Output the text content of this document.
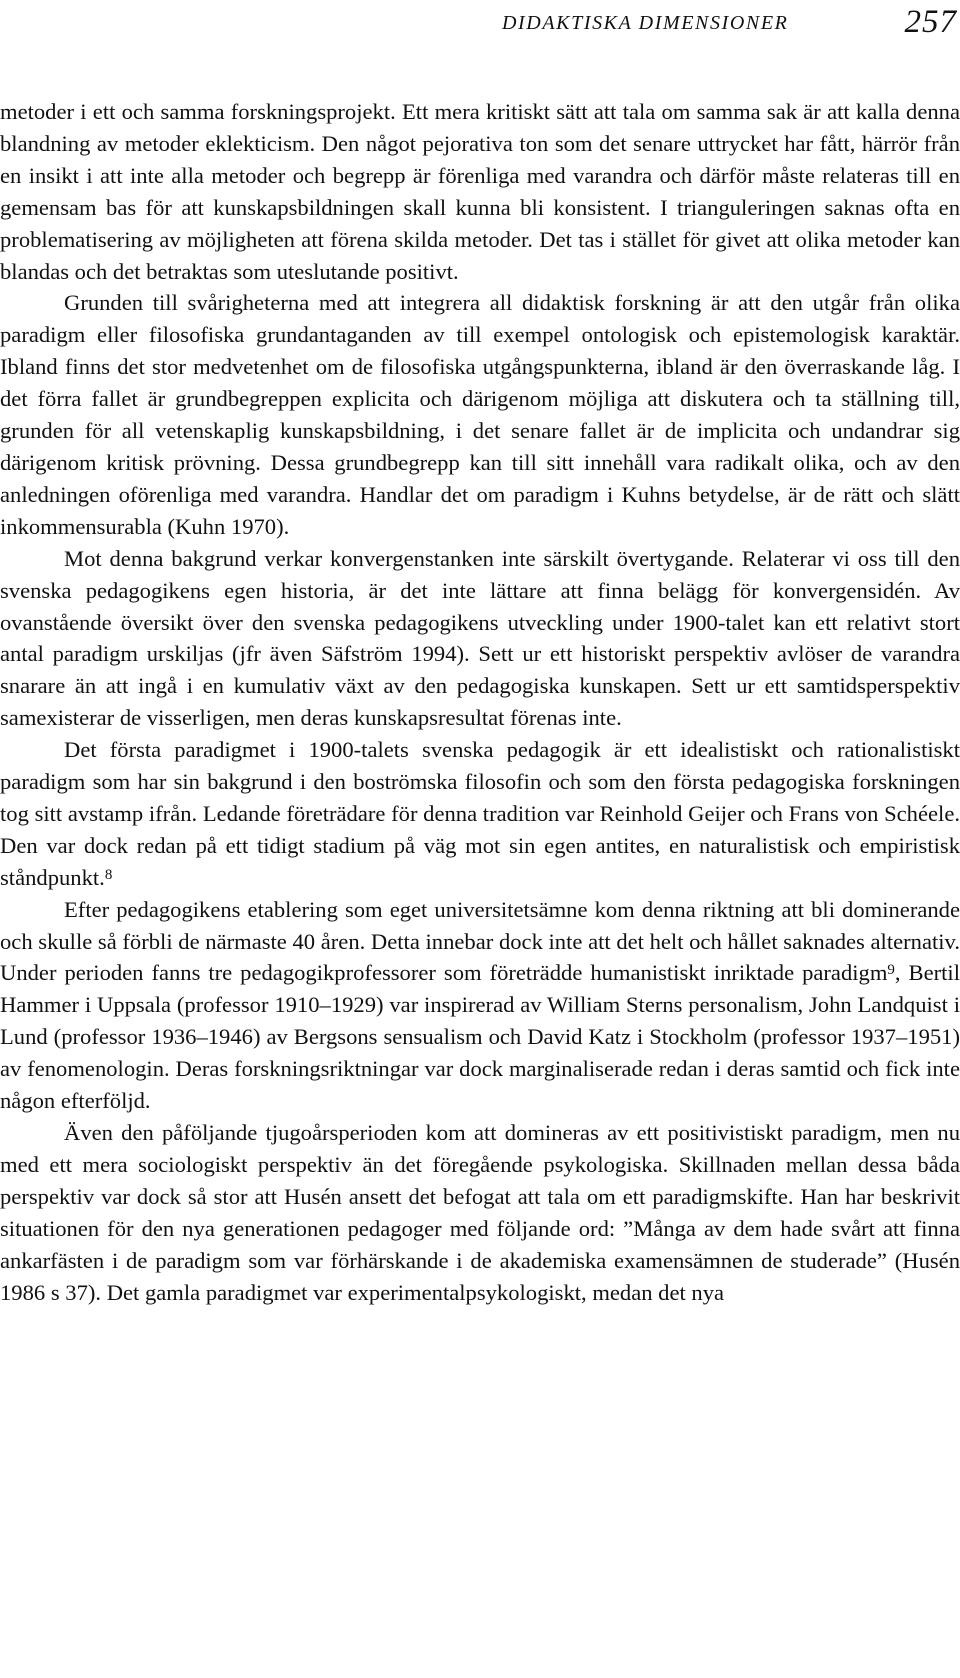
DIDAKTISKA DIMENSIONER	257

metoder i ett och samma forskningsprojekt. Ett mera kritiskt sätt att tala om samma sak är att kalla denna blandning av metoder eklekticism. Den något pejorativa ton som det senare uttrycket har fått, härrör från en insikt i att inte alla metoder och begrepp är förenliga med varandra och därför måste relateras till en gemensam bas för att kunskapsbildningen skall kunna bli konsistent. I trianguleringen saknas ofta en problematisering av möjligheten att förena skilda metoder. Det tas i stället för givet att olika metoder kan blandas och det betraktas som uteslutande positivt.

Grunden till svårigheterna med att integrera all didaktisk forskning är att den utgår från olika paradigm eller filosofiska grundantaganden av till exempel ontologisk och epistemologisk karaktär. Ibland finns det stor medvetenhet om de filosofiska utgångspunkterna, ibland är den överraskande låg. I det förra fallet är grundbegreppen explicita och därigenom möjliga att diskutera och ta ställning till, grunden för all vetenskaplig kunskapsbildning, i det senare fallet är de implicita och undandrar sig därigenom kritisk prövning. Dessa grundbegrepp kan till sitt innehåll vara radikalt olika, och av den anledningen oförenliga med varandra. Handlar det om paradigm i Kuhns betydelse, är de rätt och slätt inkommensurabla (Kuhn 1970).

Mot denna bakgrund verkar konvergenstanken inte särskilt övertygande. Relaterar vi oss till den svenska pedagogikens egen historia, är det inte lättare att finna belägg för konvergensidén. Av ovanstående översikt över den svenska pedagogikens utveckling under 1900-talet kan ett relativt stort antal paradigm urskiljas (jfr även Säfström 1994). Sett ur ett historiskt perspektiv avlöser de varandra snarare än att ingå i en kumulativ växt av den pedagogiska kunskapen. Sett ur ett samtidsperspektiv samexisterar de visserligen, men deras kunskapsresultat förenas inte.

Det första paradigmet i 1900-talets svenska pedagogik är ett idealistiskt och rationalistiskt paradigm som har sin bakgrund i den boströmska filosofin och som den första pedagogiska forskningen tog sitt avstamp ifrån. Ledande företrädare för denna tradition var Reinhold Geijer och Frans von Schéele. Den var dock redan på ett tidigt stadium på väg mot sin egen antites, en naturalistisk och empiristisk ståndpunkt.$^8$

Efter pedagogikens etablering som eget universitetsämne kom denna riktning att bli dominerande och skulle så förbli de närmaste 40 åren. Detta innebar dock inte att det helt och hållet saknades alternativ. Under perioden fanns tre pedagogikprofessorer som företrädde humanistiskt inriktade paradigm$^9$, Bertil Hammer i Uppsala (professor 1910–1929) var inspirerad av William Sterns personalism, John Landquist i Lund (professor 1936–1946) av Bergsons sensualism och David Katz i Stockholm (professor 1937–1951) av fenomenologin. Deras forskningsriktningar var dock marginaliserade redan i deras samtid och fick inte någon efterföljd.

Även den påföljande tjugoårsperioden kom att domineras av ett positivistiskt paradigm, men nu med ett mera sociologiskt perspektiv än det föregående psykologiska. Skillnaden mellan dessa båda perspektiv var dock så stor att Husén ansett det befogat att tala om ett paradigmskifte. Han har beskrivit situationen för den nya generationen pedagoger med följande ord: ”Många av dem hade svårt att finna ankarfästen i de paradigm som var förhärskande i de akademiska examensämnen de studerade” (Husén 1986 s 37). Det gamla paradigmet var experimentalpsykologiskt, medan det nya
